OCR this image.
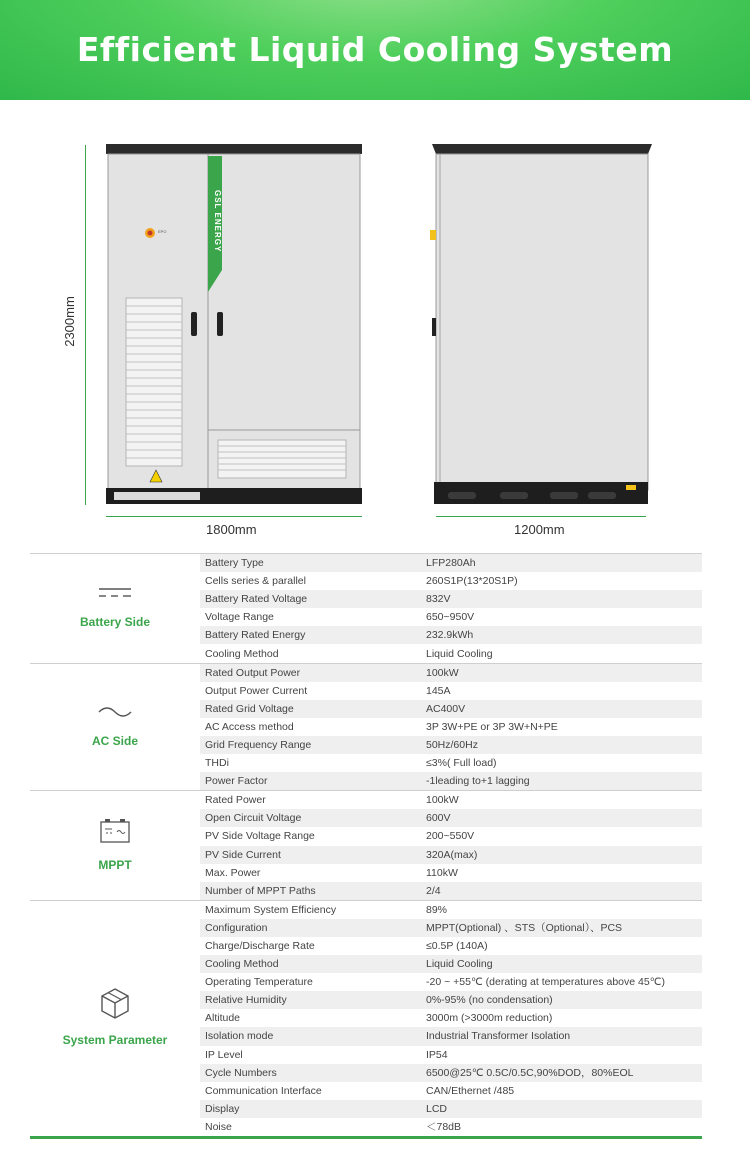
Efficient Liquid Cooling System
2300mm
GSL ENERGY
EPO
1800mm	1200mm
Battery Side	Battery Type	LFP280Ah
	Cells series & parallel	260S1P(13*20S1P)
	Battery Rated Voltage	832V
	Voltage Range	650~950V
	Battery Rated Energy	232.9kWh
	Cooling Method	Liquid Cooling

AC Side	Rated Output Power	100kW
	Output Power Current	145A
	Rated Grid Voltage	AC400V
	AC Access method	3P 3W+PE or 3P 3W+N+PE
	Grid Frequency Range	50Hz/60Hz
	THDi	≤3%( Full load)
	Power Factor	-1leading to+1 lagging

MPPT	Rated Power	100kW
	Open Circuit Voltage	600V
	PV Side Voltage Range	200~550V
	PV Side Current	320A(max)
	Max. Power	110kW
	Number of MPPT Paths	2/4

System Parameter	Maximum System Efficiency	89%
	Configuration	MPPT(Optional) 、STS（Optional）、PCS
	Charge/Discharge Rate	≤0.5P (140A)
	Cooling Method	Liquid Cooling
	Operating Temperature	-20 ~ +55℃ (derating at temperatures above 45℃)
	Relative Humidity	0%-95% (no condensation)
	Altitude	3000m (>3000m reduction)
	Isolation mode	Industrial Transformer Isolation
	IP Level	IP54
	Cycle Numbers	6500@25℃ 0.5C/0.5C,90%DOD，80%EOL
	Communication Interface	CAN/Ethernet /485
	Display	LCD
	Noise	＜78dB
